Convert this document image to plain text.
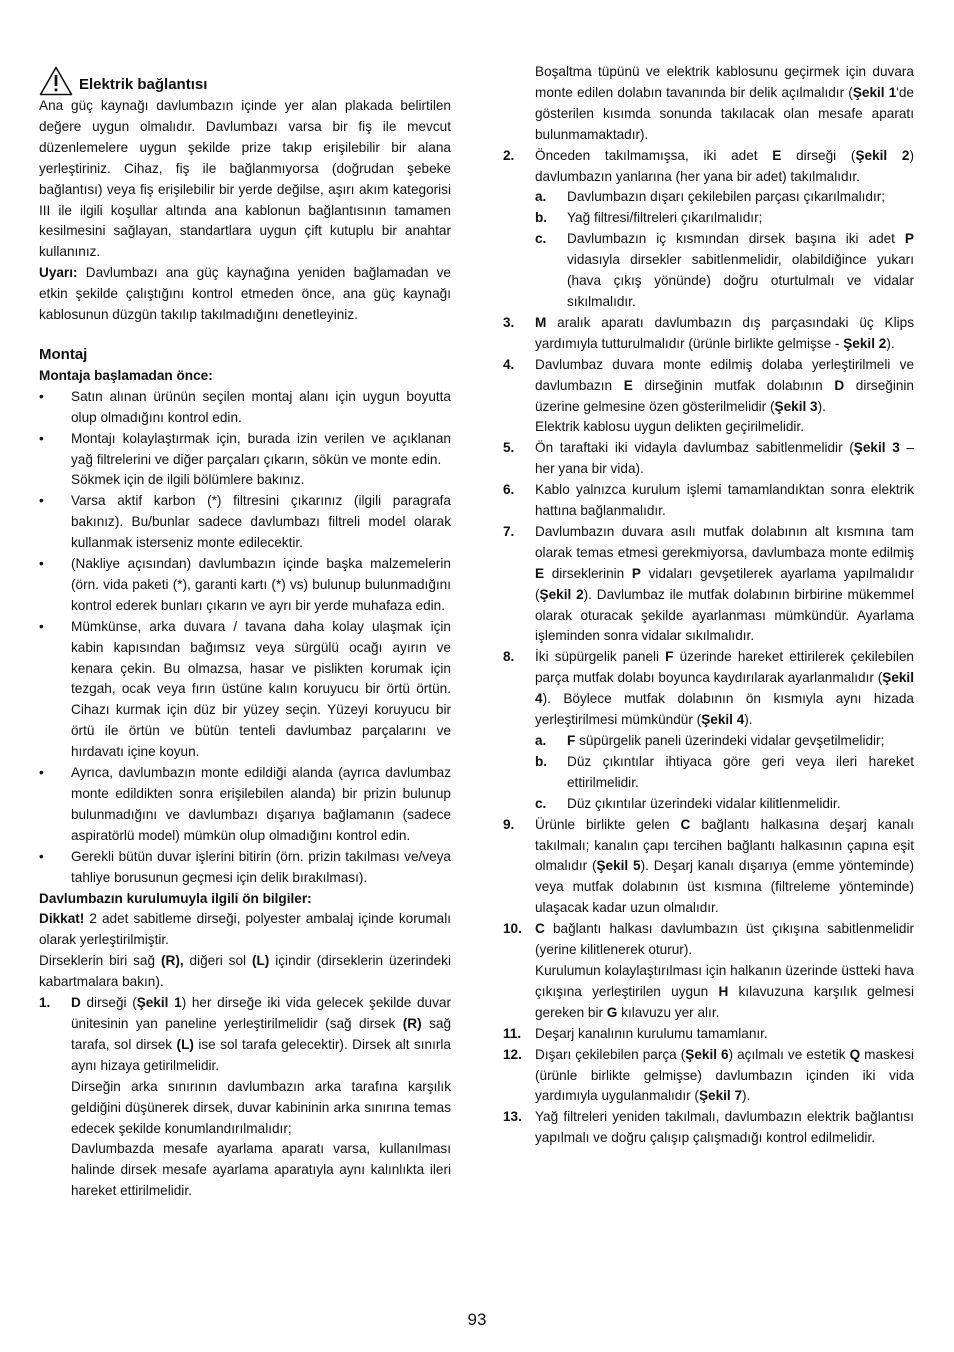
Elektrik bağlantısı

Ana güç kaynağı davlumbazın içinde yer alan plakada belirtilen değere uygun olmalıdır. Davlumbazı varsa bir fiş ile mevcut düzenlemelere uygun şekilde prize takıp erişilebilir bir alana yerleştiriniz. Cihaz, fiş ile bağlanmıyorsa (doğrudan şebeke bağlantısı) veya fiş erişilebilir bir yerde değilse, aşırı akım kategorisi III ile ilgili koşullar altında ana kablonun bağlantısının tamamen kesilmesini sağlayan, standartlara uygun çift kutuplu bir anahtar kullanınız.

Uyarı: Davlumbazı ana güç kaynağına yeniden bağlamadan ve etkin şekilde çalıştığını kontrol etmeden önce, ana güç kaynağı kablosunun düzgün takılıp takılmadığını denetleyiniz.

Montaj
Montaja başlamadan önce:
•	Satın alınan ürünün seçilen montaj alanı için uygun boyutta olup olmadığını kontrol edin.
•	Montajı kolaylaştırmak için, burada izin verilen ve açıklanan yağ filtrelerini ve diğer parçaları çıkarın, sökün ve monte edin.
Sökmek için de ilgili bölümlere bakınız.
•	Varsa aktif karbon (*) filtresini çıkarınız (ilgili paragrafa bakınız). Bu/bunlar sadece davlumbazı filtreli model olarak kullanmak isterseniz monte edilecektir.
•	(Nakliye açısından) davlumbazın içinde başka malzemelerin (örn. vida paketi (*), garanti kartı (*) vs) bulunup bulunmadığını kontrol ederek bunları çıkarın ve ayrı bir yerde muhafaza edin.
•	Mümkünse, arka duvara / tavana daha kolay ulaşmak için kabin kapısından bağımsız veya sürgülü ocağı ayırın ve kenara çekin. Bu olmazsa, hasar ve pislikten korumak için tezgah, ocak veya fırın üstüne kalın koruyucu bir örtü örtün. Cihazı kurmak için düz bir yüzey seçin. Yüzeyi koruyucu bir örtü ile örtün ve bütün tenteli davlumbaz parçalarını ve hırdavatı içine koyun.
•	Ayrıca, davlumbazın monte edildiği alanda (ayrıca davlumbaz monte edildikten sonra erişilebilen alanda) bir prizin bulunup bulunmadığını ve davlumbazı dışarıya bağlamanın (sadece aspiratörlü model) mümkün olup olmadığını kontrol edin.
•	Gerekli bütün duvar işlerini bitirin (örn. prizin takılması ve/veya tahliye borusunun geçmesi için delik bırakılması).
Davlumbazın kurulumuyla ilgili ön bilgiler:

Dikkat! 2 adet sabitleme dirseği, polyester ambalaj içinde korumalı olarak yerleştirilmiştir.

Dirseklerin biri sağ (R), diğeri sol (L) içindir (dirseklerin üzerindeki kabartmalara bakın).

1.	D dirseği (Şekil 1) her dirseğe iki vida gelecek şekilde duvar ünitesinin yan paneline yerleştirilmelidir (sağ dirsek (R) sağ tarafa, sol dirsek (L) ise sol tarafa gelecektir). Dirsek alt sınırla aynı hizaya getirilmelidir.
Dirseğin arka sınırının davlumbazın arka tarafına karşılık geldiğini düşünerek dirsek, duvar kabininin arka sınırına temas edecek şekilde konumlandırılmalıdır;
Davlumbazda mesafe ayarlama aparatı varsa, kullanılması halinde dirsek mesafe ayarlama aparatıyla aynı kalınlıkta ileri hareket ettirilmelidir.

Boşaltma tüpünü ve elektrik kablosunu geçirmek için duvara monte edilen dolabın tavanında bir delik açılmalıdır (Şekil 1'de gösterilen kısımda sonunda takılacak olan mesafe aparatı bulunmamaktadır).

2.	Önceden takılmamışsa, iki adet E dirseği (Şekil 2) davlumbazın yanlarına (her yana bir adet) takılmalıdır.
a.	Davlumbazın dışarı çekilebilen parçası çıkarılmalıdır;
b.	Yağ filtresi/filtreleri çıkarılmalıdır;
c.	Davlumbazın iç kısmından dirsek başına iki adet P vidasıyla dirsekler sabitlenmelidir, olabildiğince yukarı (hava çıkış yönünde) doğru oturtulmalı ve vidalar sıkılmalıdır.
3.	M aralık aparatı davlumbazın dış parçasındaki üç Klips yardımıyla tutturulmalıdır (ürünle birlikte gelmişse - Şekil 2).
4.	Davlumbaz duvara monte edilmiş dolaba yerleştirilmeli ve davlumbazın E dirseğinin mutfak dolabının D dirseğinin üzerine gelmesine özen gösterilmelidir (Şekil 3).
Elektrik kablosu uygun delikten geçirilmelidir.
5.	Ön taraftaki iki vidayla davlumbaz sabitlenmelidir (Şekil 3 – her yana bir vida).
6.	Kablo yalnızca kurulum işlemi tamamlandıktan sonra elektrik hattına bağlanmalıdır.
7.	Davlumbazın duvara asılı mutfak dolabının alt kısmına tam olarak temas etmesi gerekmiyorsa, davlumbaza monte edilmiş E dirseklerinin P vidaları gevşetilerek ayarlama yapılmalıdır (Şekil 2). Davlumbaz ile mutfak dolabının birbirine mükemmel olarak oturacak şekilde ayarlanması mümkündür. Ayarlama işleminden sonra vidalar sıkılmalıdır.
8.	İki süpürgelik paneli F üzerinde hareket ettirilerek çekilebilen parça mutfak dolabı boyunca kaydırılarak ayarlanmalıdır (Şekil 4). Böylece mutfak dolabının ön kısmıyla aynı hizada yerleştirilmesi mümkündür (Şekil 4).
a.	F süpürgelik paneli üzerindeki vidalar gevşetilmelidir;
b.	Düz çıkıntılar ihtiyaca göre geri veya ileri hareket ettirilmelidir.
c.	Düz çıkıntılar üzerindeki vidalar kilitlenmelidir.
9.	Ürünle birlikte gelen C bağlantı halkasına deşarj kanalı takılmalı; kanalın çapı tercihen bağlantı halkasının çapına eşit olmalıdır (Şekil 5). Deşarj kanalı dışarıya (emme yönteminde) veya mutfak dolabının üst kısmına (filtreleme yönteminde) ulaşacak kadar uzun olmalıdır.
10. C bağlantı halkası davlumbazın üst çıkışına sabitlenmelidir (yerine kilitlenerek oturur).
Kurulumun kolaylaştırılması için halkanın üzerinde üstteki hava çıkışına yerleştirilen uygun H kılavuzuna karşılık gelmesi gereken bir G kılavuzu yer alır.
11.	Deşarj kanalının kurulumu tamamlanır.
12. Dışarı çekilebilen parça (Şekil 6) açılmalı ve estetik Q maskesi (ürünle birlikte gelmişse) davlumbazın içinden iki vida yardımıyla uygulanmalıdır (Şekil 7).
13. Yağ filtreleri yeniden takılmalı, davlumbazın elektrik bağlantısı yapılmalı ve doğru çalışıp çalışmadığı kontrol edilmelidir.
93
